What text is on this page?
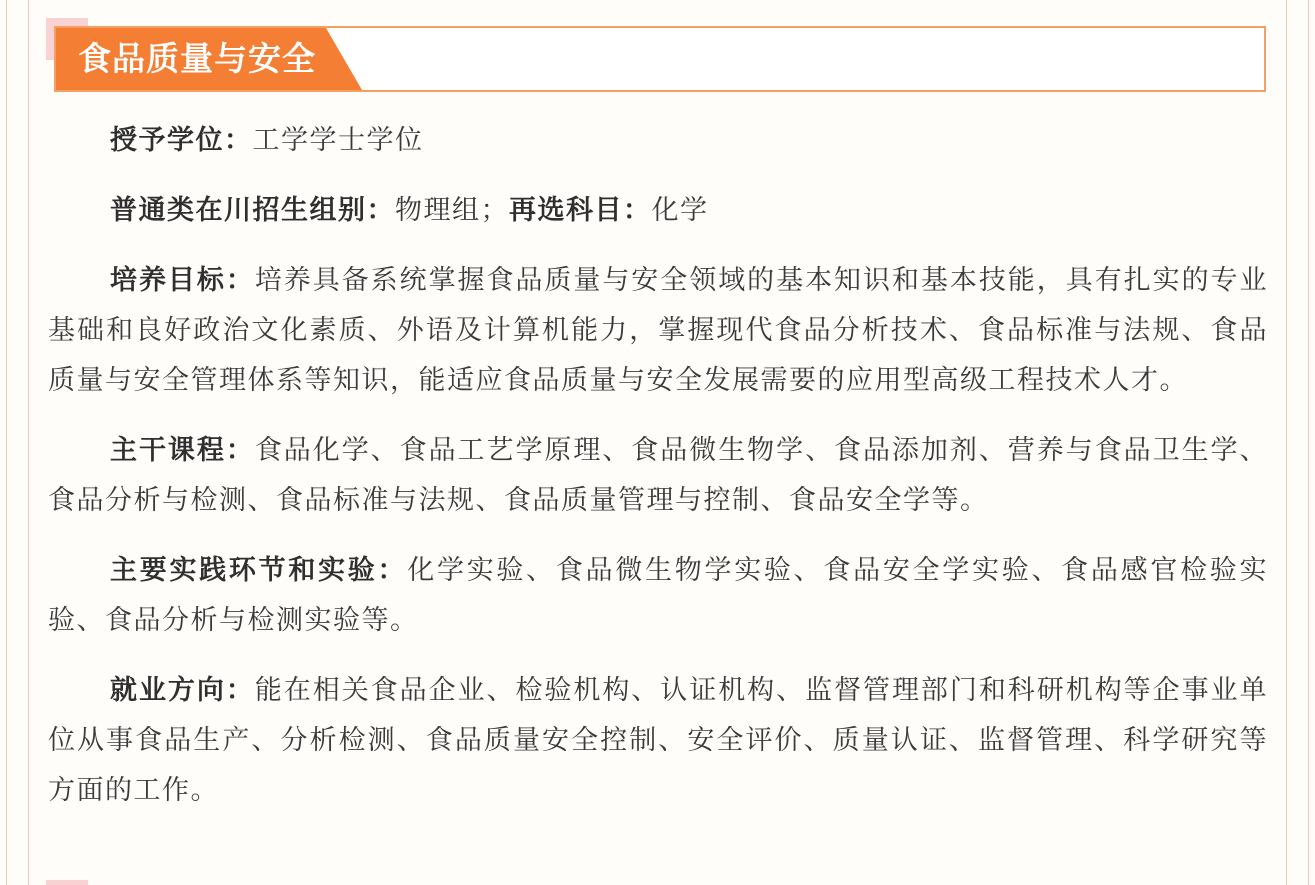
食品质量与安全

授予学位：工学学士学位

普通类在川招生组别：物理组；再选科目：化学

培养目标：培养具备系统掌握食品质量与安全领域的基本知识和基本技能，具有扎实的专业基础和良好政治文化素质、外语及计算机能力，掌握现代食品分析技术、食品标准与法规、食品质量与安全管理体系等知识，能适应食品质量与安全发展需要的应用型高级工程技术人才。

主干课程：食品化学、食品工艺学原理、食品微生物学、食品添加剂、营养与食品卫生学、食品分析与检测、食品标准与法规、食品质量管理与控制、食品安全学等。

主要实践环节和实验：化学实验、食品微生物学实验、食品安全学实验、食品感官检验实验、食品分析与检测实验等。

就业方向：能在相关食品企业、检验机构、认证机构、监督管理部门和科研机构等企事业单位从事食品生产、分析检测、食品质量安全控制、安全评价、质量认证、监督管理、科学研究等方面的工作。
